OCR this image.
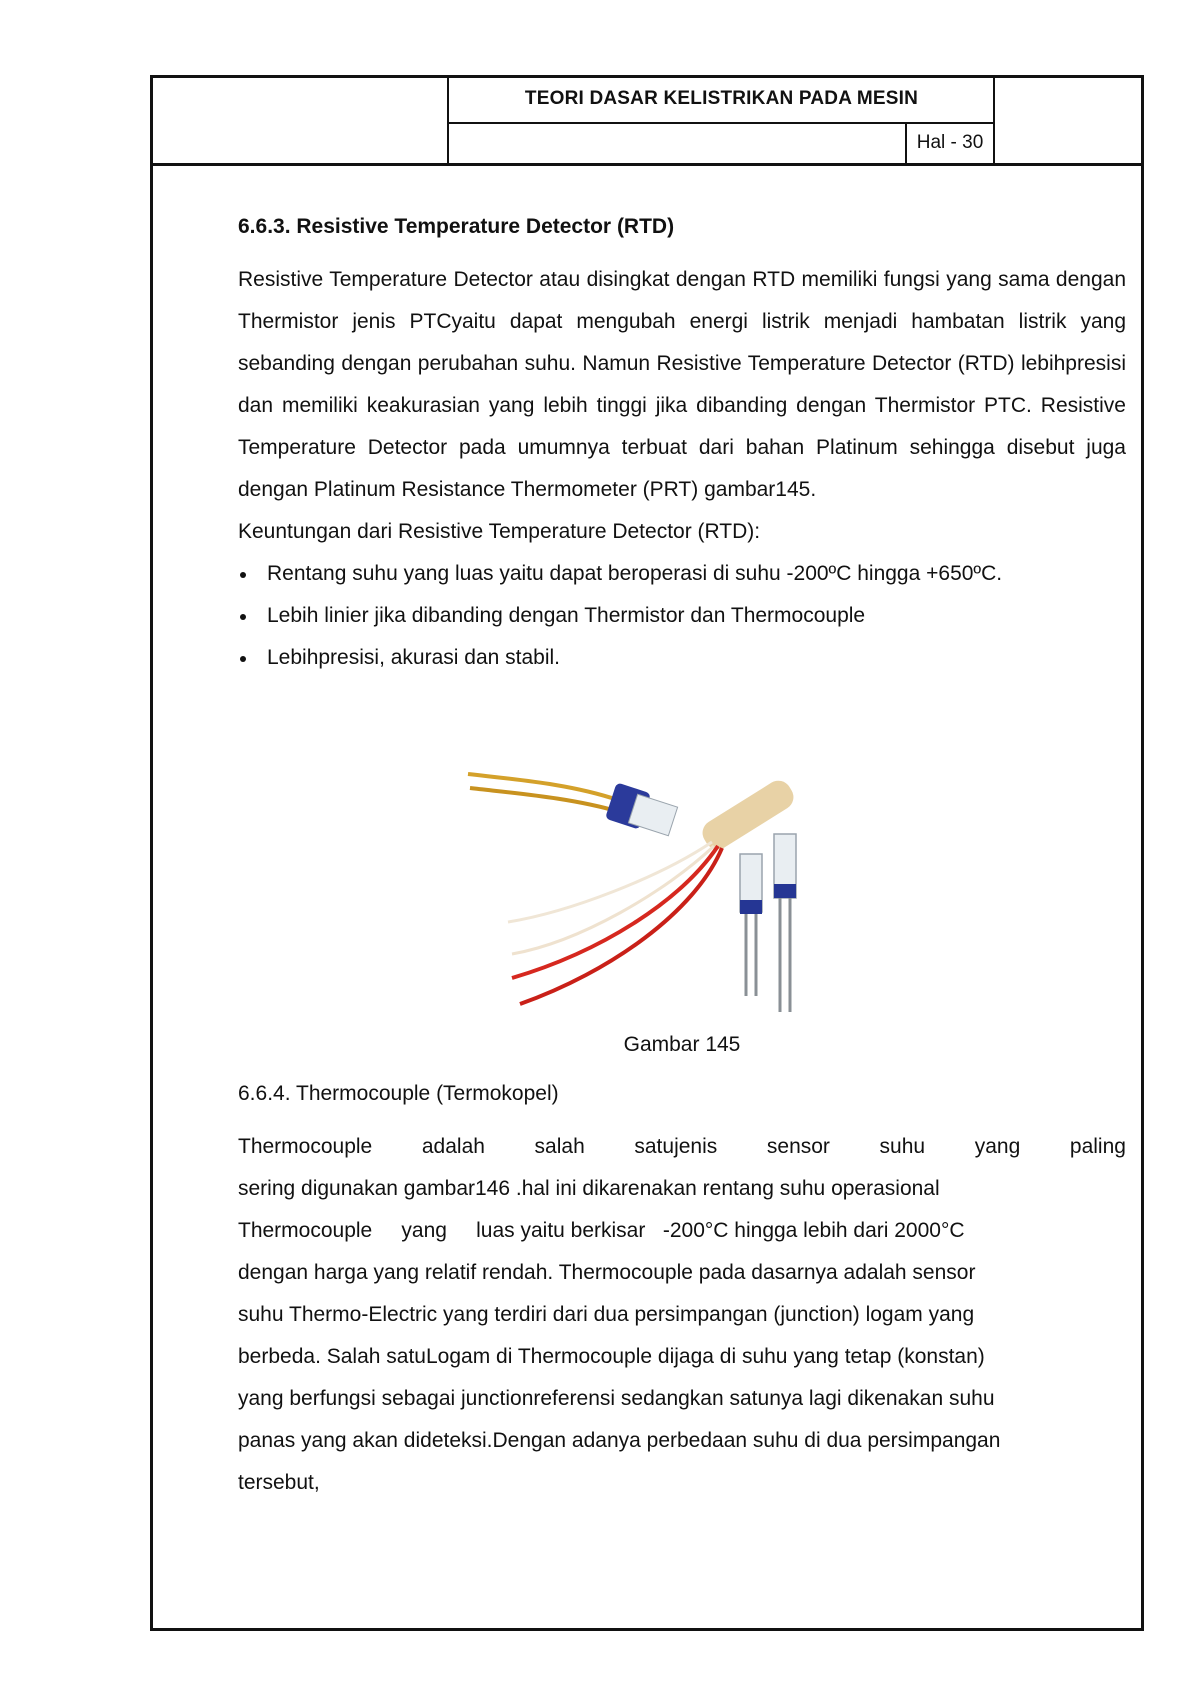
TEORI DASAR KELISTRIKAN PADA MESIN
Hal - 30

6.6.3. Resistive Temperature Detector (RTD)

Resistive Temperature Detector atau disingkat dengan RTD memiliki fungsi yang sama dengan Thermistor jenis PTCyaitu dapat mengubah energi listrik menjadi hambatan listrik yang sebanding dengan perubahan suhu. Namun Resistive Temperature Detector (RTD) lebihpresisi dan memiliki keakurasian yang lebih tinggi jika dibanding dengan Thermistor PTC. Resistive Temperature Detector pada umumnya terbuat dari bahan Platinum sehingga disebut juga dengan Platinum Resistance Thermometer (PRT) gambar145.

Keuntungan dari Resistive Temperature Detector (RTD):

Rentang suhu yang luas yaitu dapat beroperasi di suhu -200ºC hingga +650ºC.
Lebih linier jika dibanding dengan Thermistor dan Thermocouple
Lebihpresisi, akurasi dan stabil.
Gambar 145

6.6.4. Thermocouple (Termokopel)

Thermocouple adalah salah satujenis sensor suhu yang paling

sering digunakan gambar146 .hal ini dikarenakan rentang suhu operasional

Thermocouple     yang     luas yaitu berkisar   -200°C hingga lebih dari 2000°C

dengan harga yang relatif rendah. Thermocouple pada dasarnya adalah sensor

suhu Thermo-Electric yang terdiri dari dua persimpangan (junction) logam yang

berbeda. Salah satuLogam di Thermocouple dijaga di suhu yang tetap (konstan)

yang berfungsi sebagai junctionreferensi sedangkan satunya lagi dikenakan suhu

panas yang akan dideteksi.Dengan adanya perbedaan suhu di dua persimpangan

tersebut,
